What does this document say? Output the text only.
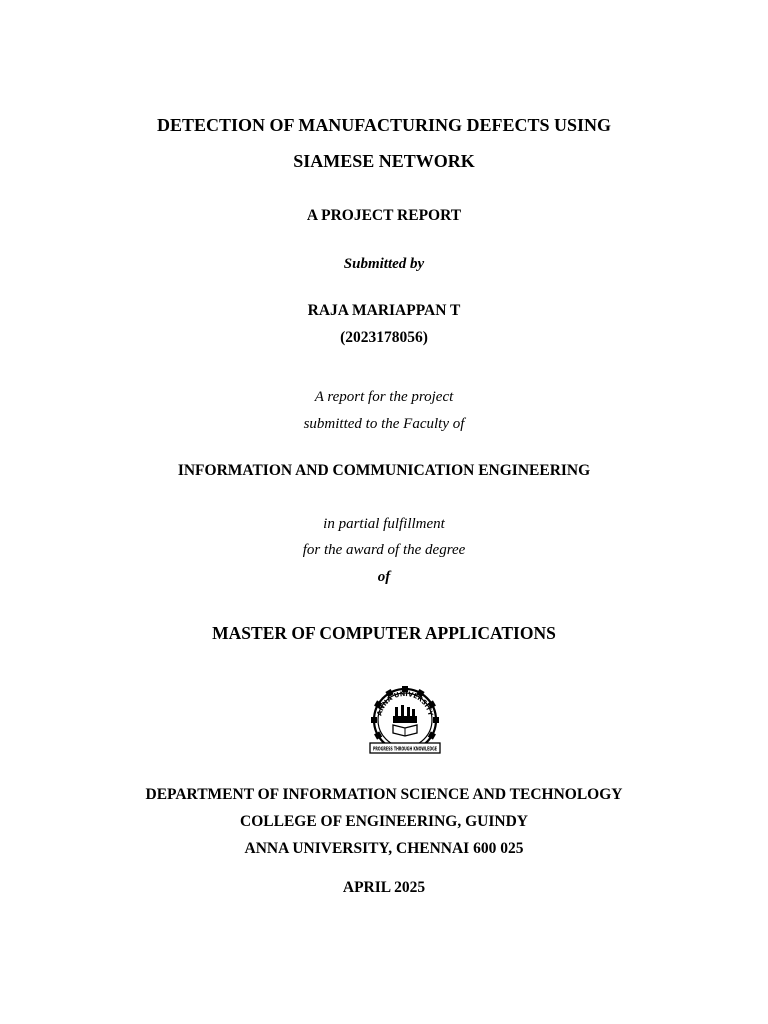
DETECTION OF MANUFACTURING DEFECTS USING
SIAMESE NETWORK
A PROJECT REPORT
Submitted by
RAJA MARIAPPAN T
(2023178056)
A report for the project
submitted to the Faculty of
INFORMATION AND COMMUNICATION ENGINEERING
in partial fulfillment
for the award of the degree
of
MASTER OF COMPUTER APPLICATIONS
ANNA UNIVERSITY
PROGRESS THROUGH KNOWLEDGE
DEPARTMENT OF INFORMATION SCIENCE AND TECHNOLOGY
COLLEGE OF ENGINEERING, GUINDY
ANNA UNIVERSITY, CHENNAI 600 025
APRIL 2025
